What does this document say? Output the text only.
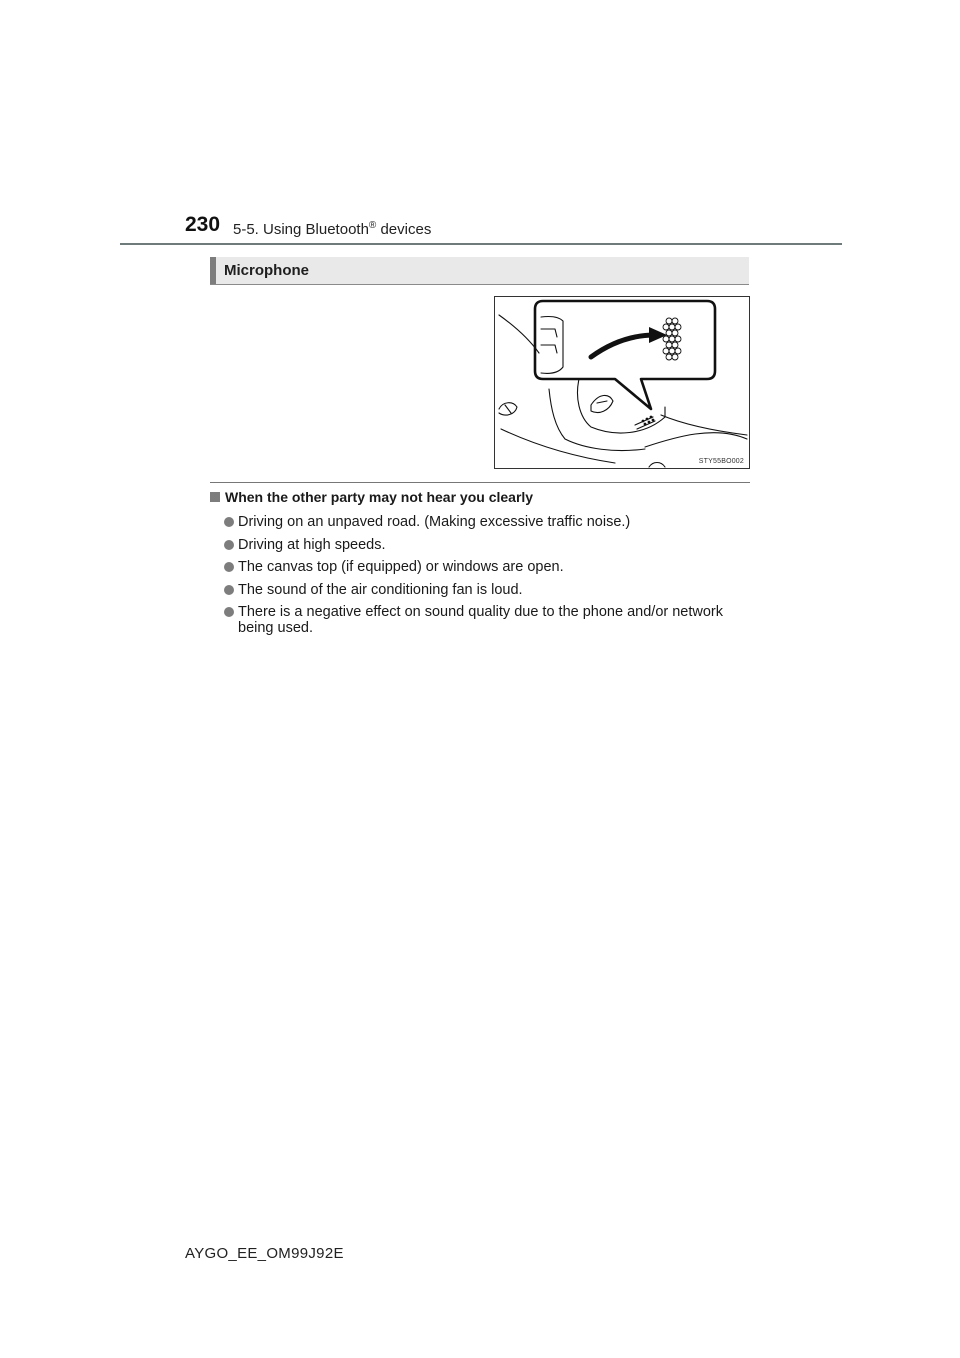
230 5-5. Using Bluetooth® devices
Microphone
STY55BO002
When the other party may not hear you clearly
Driving on an unpaved road. (Making excessive traffic noise.)
Driving at high speeds.
The canvas top (if equipped) or windows are open.
The sound of the air conditioning fan is loud.
There is a negative effect on sound quality due to the phone and/or network being used.
AYGO_EE_OM99J92E
